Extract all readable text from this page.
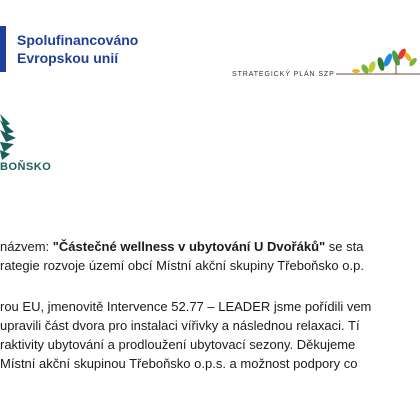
Spolufinancováno
Evropskou unií
STRATEGICKÝ PLÁN SZP
BOŇSKO
názvem: "Částečné wellness v ubytování U Dvořáků" se sta
rategie rozvoje území obcí Místní akční skupiny Třeboňsko o.p.
rou EU, jmenovitě Intervence 52.77 – LEADER jsme pořídili vem
upravili část dvora pro instalaci vířivky a následnou relaxaci. Tí
raktivity ubytování a prodloužení ubytovací sezony. Děkujeme
Místní akční skupinou Třeboňsko o.p.s. a možnost podpory co
